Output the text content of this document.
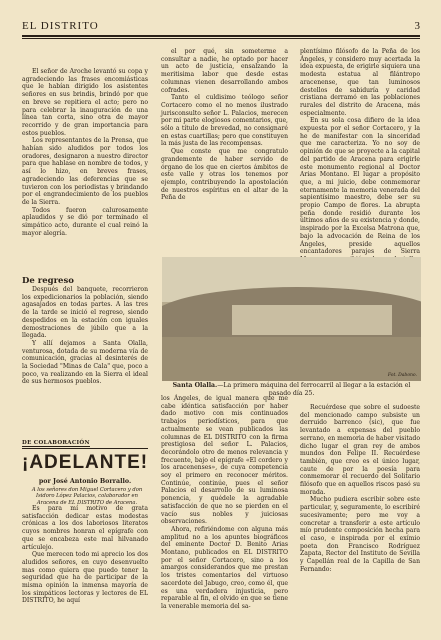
EL DISTRITO	3

El señor de Aroche levantó su copa y agradeciendo las frases encomiásticas que le habían dirigido los asistentes señores en sus brindis, brindó por que en breve se repitiera el acto; pero no para celebrar la inauguración de una línea tan corta, sino otra de mayor recorrido y de gran importancia para estos pueblos.

Los representantes de la Prensa, que habían sido aludidos por todos los oradores, designaron a nuestro director para que hablase en nombre de todos, y así lo hizo, en breves frases, agradeciendo las deferencias que se tuvieron con los periodistas y brindando por el engrandecimiento de los pueblos de la Sierra.

Todos fueron calurosamente aplaudidos y se dió por terminado el simpático acto, durante el cual reinó la mayor alegría.

De regreso

Después del banquete, recorrieron los expedicionarios la población, siendo agasajados en todas partes. A las tres de la tarde se inició el regreso, siendo despedidos en la estación con iguales demostraciones de júbilo que a la llegada.

Y allí dejamos a Santa Olalla, venturosa, dotada de su moderna vía de comunicación, gracias al desinterés de la Sociedad "Minas de Cala" que, poco a poco, va realizando en la Sierra el ideal de sus hermosos pueblos.

DE COLABORACIÓN
¡ADELANTE!
por José Antonio Borrallo.
A los señores don Miguel Cortacero y don Isidoro López Palacios, colaborador en Aracena de EL DISTRITO de Aracena.

Es para mí motivo de grata satisfacción dedicar estas modestas crónicas a los dos laboriosos literatos cuyos nombres honran el epígrafe con que se encabeza este mal hilvanado artículejo.

Que merecen todo mi aprecio los dos aludidos señores, en cuyo desenvuelto mas como quiera que puedo tener la seguridad que ha de participar de la misma opinión la inmensa mayoría de los simpáticos lectoras y lectores de EL DISTRITO, he aquí

el por qué, sin someterme a consultar a nadie, he optado por hacer un acto de justicia, ensalzando la meritisima labor que desde estas columnas vienen desarrollando ambos cofrades.

Tanto el culdisimo teólogo señor Cortacero como el no menos ilustrado jurisconsulto señor L. Palacios, merecen por mi parte elogiosos comentarios, que, sólo a título de brevedad, no consignaré en estas cuartillas; pero que constituyen la más justa de las recompensas.

Que conste que me congratulo grandemente de haber servido de órgano de los que en ciertos ámbitos de este valle y otras los tenemos por ejemplo, contribuyendo la apostolación de nuestros espíritus en el altar de la Peña de

plentísimo filósofo de la Peña de los Ángeles, y considero muy acertada la idea expuesta, de erigirle siquiera una modesta estatua al filántropo aracenense, que tan luminosos destellos de sabiduría y caridad cristiana derramó en las poblaciones rurales del distrito de Aracena, más especialmente.

En su sola cosa difiero de la idea expuesta por el señor Cortacero, y la he de manifestar con la sinceridad que me caracteriza. Yo no soy de opinión de que se proyecte a la capital del partido de Aracena para erigirle este monumento regional al Doctor Arias Montano. El lugar a propósito que, a mi juicio, debe conmemorar eternamente la memoria venerada del sapientísimo maestro, debe ser su propio Campo de flores. La abrupta peña donde residió durante los últimos años de su existencia y donde, inspirado por la Excelsa Matrona que, bajo la advocación de Reina de los Ángeles, preside aquellos encantadores parajes de Sierra

Fot. Dabono.
Santa Olalla.—La primera máquina del ferrocarril al llegar a la estación el pasado día 25.

los Ángeles, de igual manera que me cabe idéntica satisfacción por haber dado motivo con mis continuados trabajos periodísticos, para que actualmente se vean publicados las columnas de EL DISTRITO con la firma prestigiosa del señor L. Palacios, decorándolo otro de menos relevancia y frecuente, bajo el epígrafe «El cordero y los aracenenses», de cuya competencia soy el primero en reconocer méritos. Continúe, continúe, pues el señor Palacios el desarrollo de su luminosa ponencia, y quédele la agradable satisfacción de que no se pierden en el vacío sus nobles y juiciosas observaciones.

Ahora, refiriéndome con alguna más amplitud no a los apuntes biográficos del eminente Doctor D. Benito Arias Montano, publicados en EL DISTRITO por el señor Cortacero, sino a los amargos considerandos que me prestan los tristes comentarios del virtuoso sacerdote del Jabugo, creo, como él, que es una verdadera injusticia, pero reparable al fin, el olvido en que se tiene la venerable memoria del sa-

Recuérdese que sobre el sudoeste del mencionado campo subsiste un derruido barrenco (sic), que fue levantado a expensas del pueblo serrano, en memoria de haber visitado dicho lugar el gran rey de ambos mundos don Felipe II. Recuérdese también, que creo es el único lugar, caute de por la poesía para conmemorar el recuerdo del Solitario filósofo que en aquellos riscos pasó su morada.

Mucho pudiera escribir sobre este particular, y, seguramente, lo escribiré sucesivamente; pero me voy a concretar a transferir a este artículo mío prudente composición hecha para el caso, e inspirada por el exímio poeta don Francisco Rodríguez Zapata, Rector del Instituto de Sevilla y Capellán real de la Capilla de San Fernando:
